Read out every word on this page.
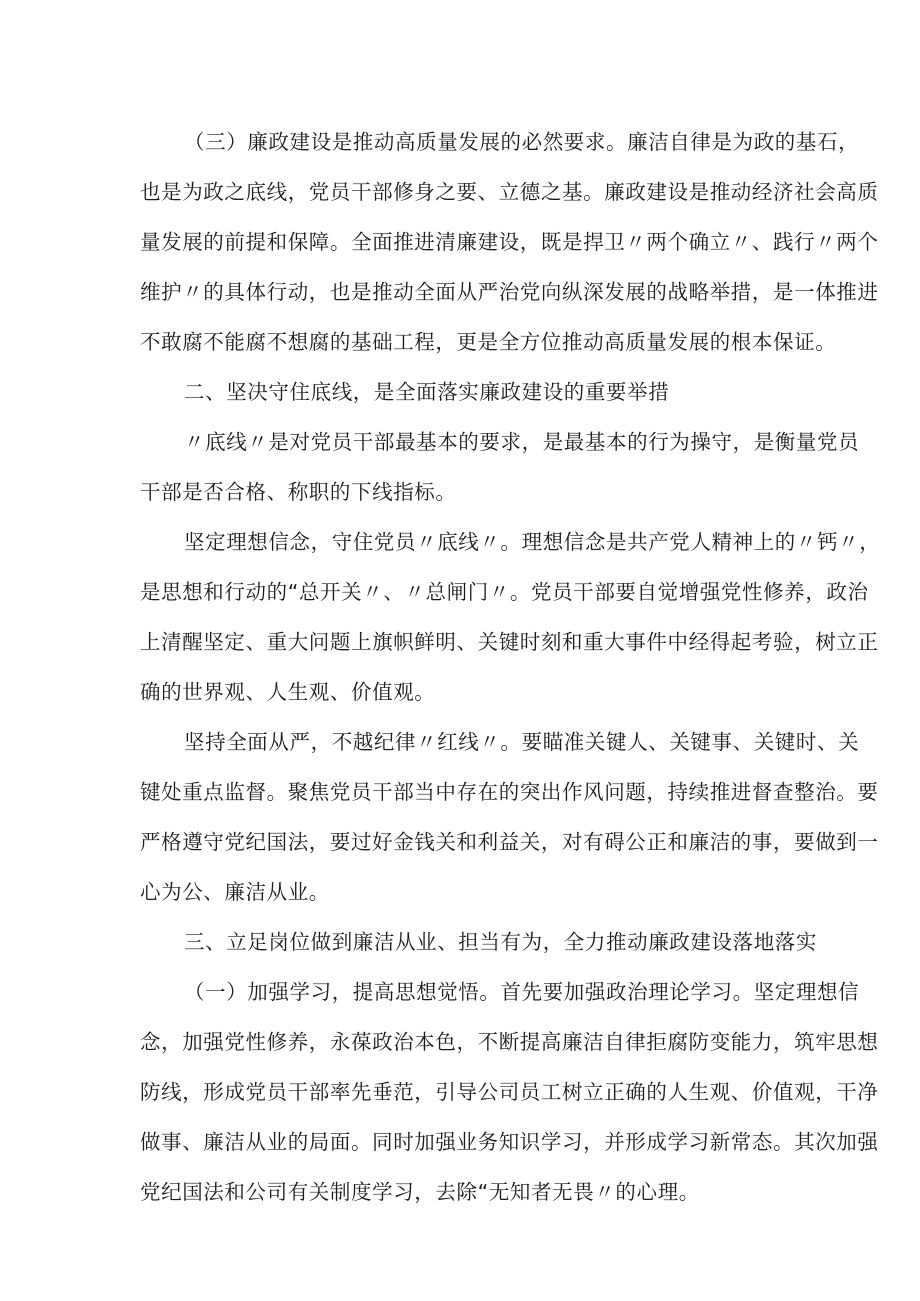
（三）廉政建设是推动高质量发展的必然要求。廉洁自律是为政的基石，
也是为政之底线，党员干部修身之要、立德之基。廉政建设是推动经济社会高质
量发展的前提和保障。全面推进清廉建设，既是捍卫〃两个确立〃、践行〃两个
维护〃的具体行动，也是推动全面从严治党向纵深发展的战略举措，是一体推进
不敢腐不能腐不想腐的基础工程，更是全方位推动高质量发展的根本保证。
二、坚决守住底线，是全面落实廉政建设的重要举措
〃底线〃是对党员干部最基本的要求，是最基本的行为操守，是衡量党员
干部是否合格、称职的下线指标。
坚定理想信念，守住党员〃底线〃。理想信念是共产党人精神上的〃钙〃，
是思想和行动的“总开关〃、〃总闸门〃。党员干部要自觉增强党性修养，政治
上清醒坚定、重大问题上旗帜鲜明、关键时刻和重大事件中经得起考验，树立正
确的世界观、人生观、价值观。
坚持全面从严，不越纪律〃红线〃。要瞄准关键人、关键事、关键时、关
键处重点监督。聚焦党员干部当中存在的突出作风问题，持续推进督查整治。要
严格遵守党纪国法，要过好金钱关和利益关，对有碍公正和廉洁的事，要做到一
心为公、廉洁从业。
三、立足岗位做到廉洁从业、担当有为，全力推动廉政建设落地落实
（一）加强学习，提高思想觉悟。首先要加强政治理论学习。坚定理想信
念，加强党性修养，永葆政治本色，不断提高廉洁自律拒腐防变能力，筑牢思想
防线，形成党员干部率先垂范，引导公司员工树立正确的人生观、价值观，干净
做事、廉洁从业的局面。同时加强业务知识学习，并形成学习新常态。其次加强
党纪国法和公司有关制度学习，去除“无知者无畏〃的心理。
